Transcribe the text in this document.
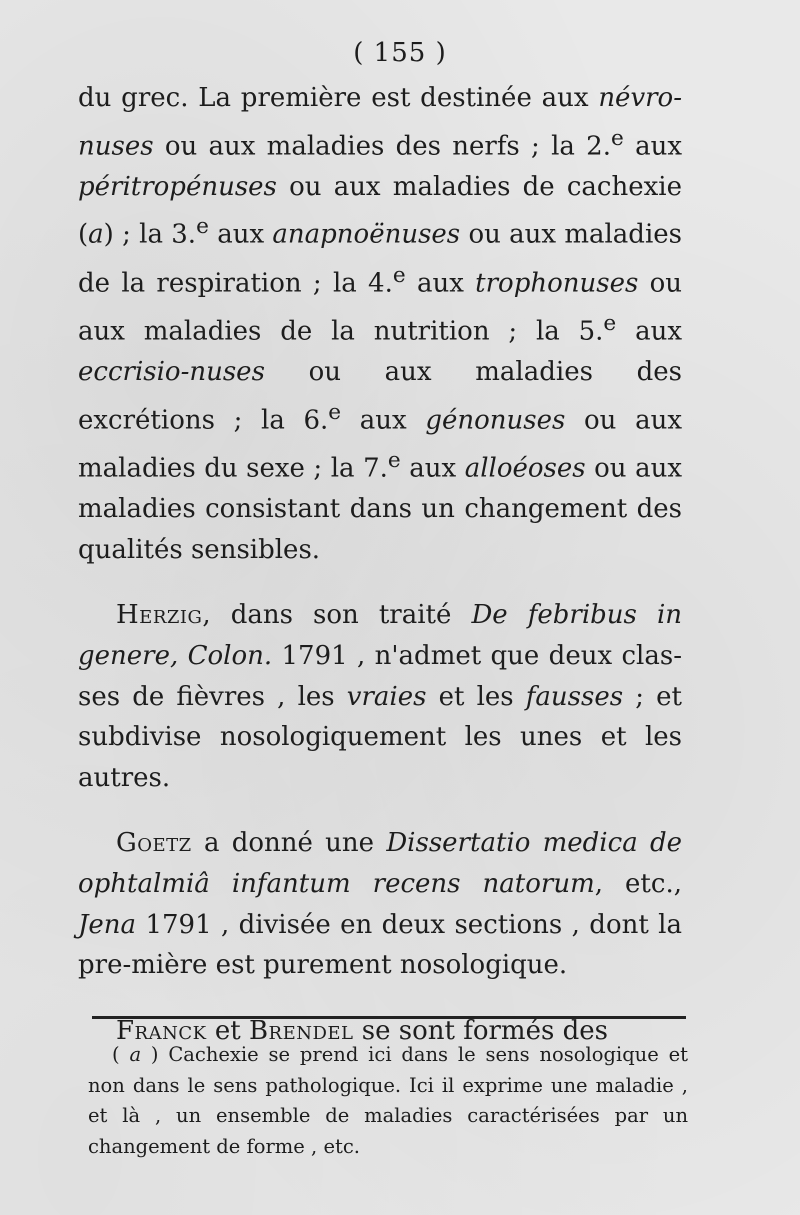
( 155 )

du grec. La première est destinée aux névro-nuses ou aux maladies des nerfs ; la 2.$^e$ aux péritropénuses ou aux maladies de cachexie (a) ; la 3.$^e$ aux anapnoënuses ou aux maladies de la respiration ; la 4.$^e$ aux trophonuses ou aux maladies de la nutrition ; la 5.$^e$ aux eccrisio-nuses ou aux maladies des excrétions ; la 6.$^e$ aux génonuses ou aux maladies du sexe ; la 7.$^e$ aux alloéoses ou aux maladies consistant dans un changement des qualités sensibles.

Herzig, dans son traité De febribus in genere, Colon. 1791 , n'admet que deux clas-ses de fièvres , les vraies et les fausses ; et subdivise nosologiquement les unes et les autres.

Goetz a donné une Dissertatio medica de ophtalmiâ infantum recens natorum, etc., Jena 1791 , divisée en deux sections , dont la pre-mière est purement nosologique.

Franck et Brendel se sont formés des

( a ) Cachexie se prend ici dans le sens nosologique et non dans le sens pathologique. Ici il exprime une maladie , et là , un ensemble de maladies caractérisées par un changement de forme , etc.
